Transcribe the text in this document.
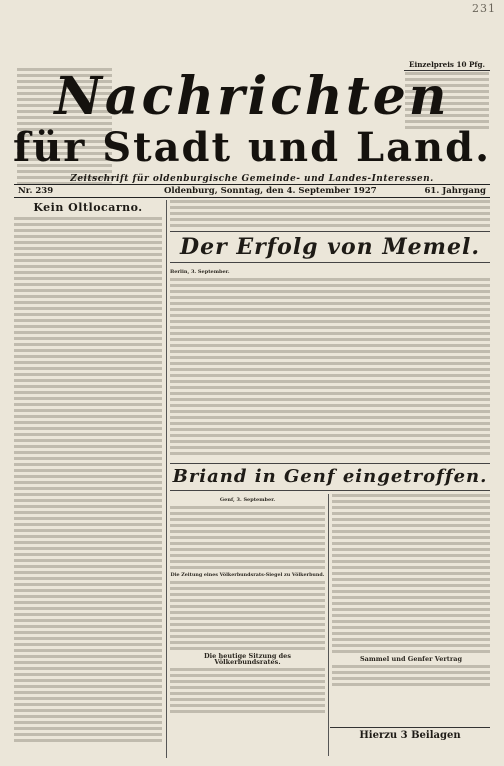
231
Einzelpreis 10 Pfg.
Nachrichten
für Stadt und Land.
Zeitschrift für oldenburgische Gemeinde- und Landes-Interessen.
Nr. 239	Oldenburg, Sonntag, den 4. September 1927	61. Jahrgang
Kein Oltlocarno.
Der Erfolg von Memel.
Berlin, 3. September.
Briand in Genf eingetroffen.
Genf, 3. September.
Die Zeitung eines Völkerbundsrats-Siegel zu Völkerbund.
Die heutige Sitzung des Völkerbundsrates.	Sammel und Genfer Vertrag
Hierzu 3 Beilagen
